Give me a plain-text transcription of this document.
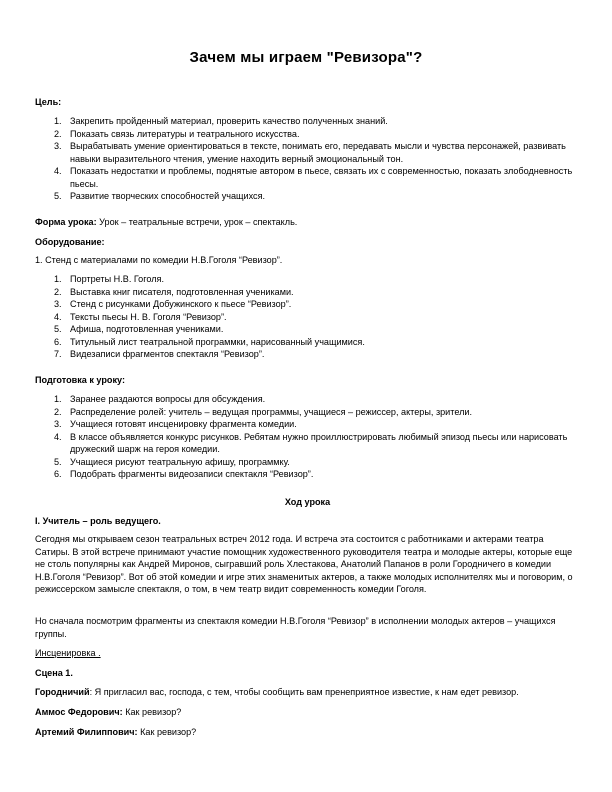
Зачем мы играем "Ревизора"?
Цель:
1. Закрепить пройденный материал, проверить качество полученных знаний.
2. Показать связь литературы и театрального искусства.
3. Вырабатывать умение ориентироваться в тексте, понимать его, передавать мысли и чувства персонажей, развивать навыки выразительного чтения, умение находить верный эмоциональный тон.
4. Показать недостатки и проблемы, поднятые автором в пьесе, связать их с современностью, показать злободневность пьесы.
5. Развитие творческих способностей учащихся.
Форма урока: Урок – театральные встречи, урок – спектакль.
Оборудование:
1. Стенд с материалами по комедии Н.В.Гоголя “Ревизор”.
1. Портреты Н.В. Гоголя.
2. Выставка книг писателя, подготовленная учениками.
3. Стенд с рисунками Добужинского к пьесе “Ревизор”.
4. Тексты пьесы Н. В. Гоголя “Ревизор”.
5. Афиша, подготовленная учениками.
6. Титульный лист театральной программки, нарисованный учащимися.
7. Видезаписи фрагментов спектакля “Ревизор”.
Подготовка к уроку:
1. Заранее раздаются вопросы для обсуждения.
2. Распределение ролей: учитель – ведущая программы, учащиеся – режиссер, актеры, зрители.
3. Учащиеся готовят инсценировку фрагмента комедии.
4. В классе объявляется конкурс рисунков. Ребятам нужно проиллюстрировать любимый эпизод пьесы или нарисовать дружеский шарж на героя комедии.
5. Учащиеся рисуют театральную афишу, программку.
6. Подобрать фрагменты видеозаписи спектакля “Ревизор”.
Ход урока
I. Учитель – роль ведущего.

Сегодня мы открываем сезон театральных встреч 2012 года. И встреча эта состоится с работниками и актерами театра Сатиры. В этой встрече принимают участие помощник художественного руководителя театра и молодые актеры, которые еще не столь популярны как Андрей Миронов, сыгравший роль Хлестакова, Анатолий Папанов в роли Городничего в комедии Н.В.Гоголя “Ревизор”. Вот об этой комедии и игре этих знаменитых актеров, а также молодых исполнителях мы и поговорим, о режиссерском замысле спектакля, о том, в чем театр видит современность комедии Гоголя.

Но сначала посмотрим фрагменты из спектакля комедии Н.В.Гоголя “Ревизор” в исполнении молодых актеров – учащихся группы.

Инсценировка .
Сцена 1.
Городничий: Я пригласил вас, господа, с тем, чтобы сообщить вам пренеприятное известие, к нам едет ревизор.
Аммос Федорович: Как ревизор?
Артемий Филиппович: Как ревизор?
